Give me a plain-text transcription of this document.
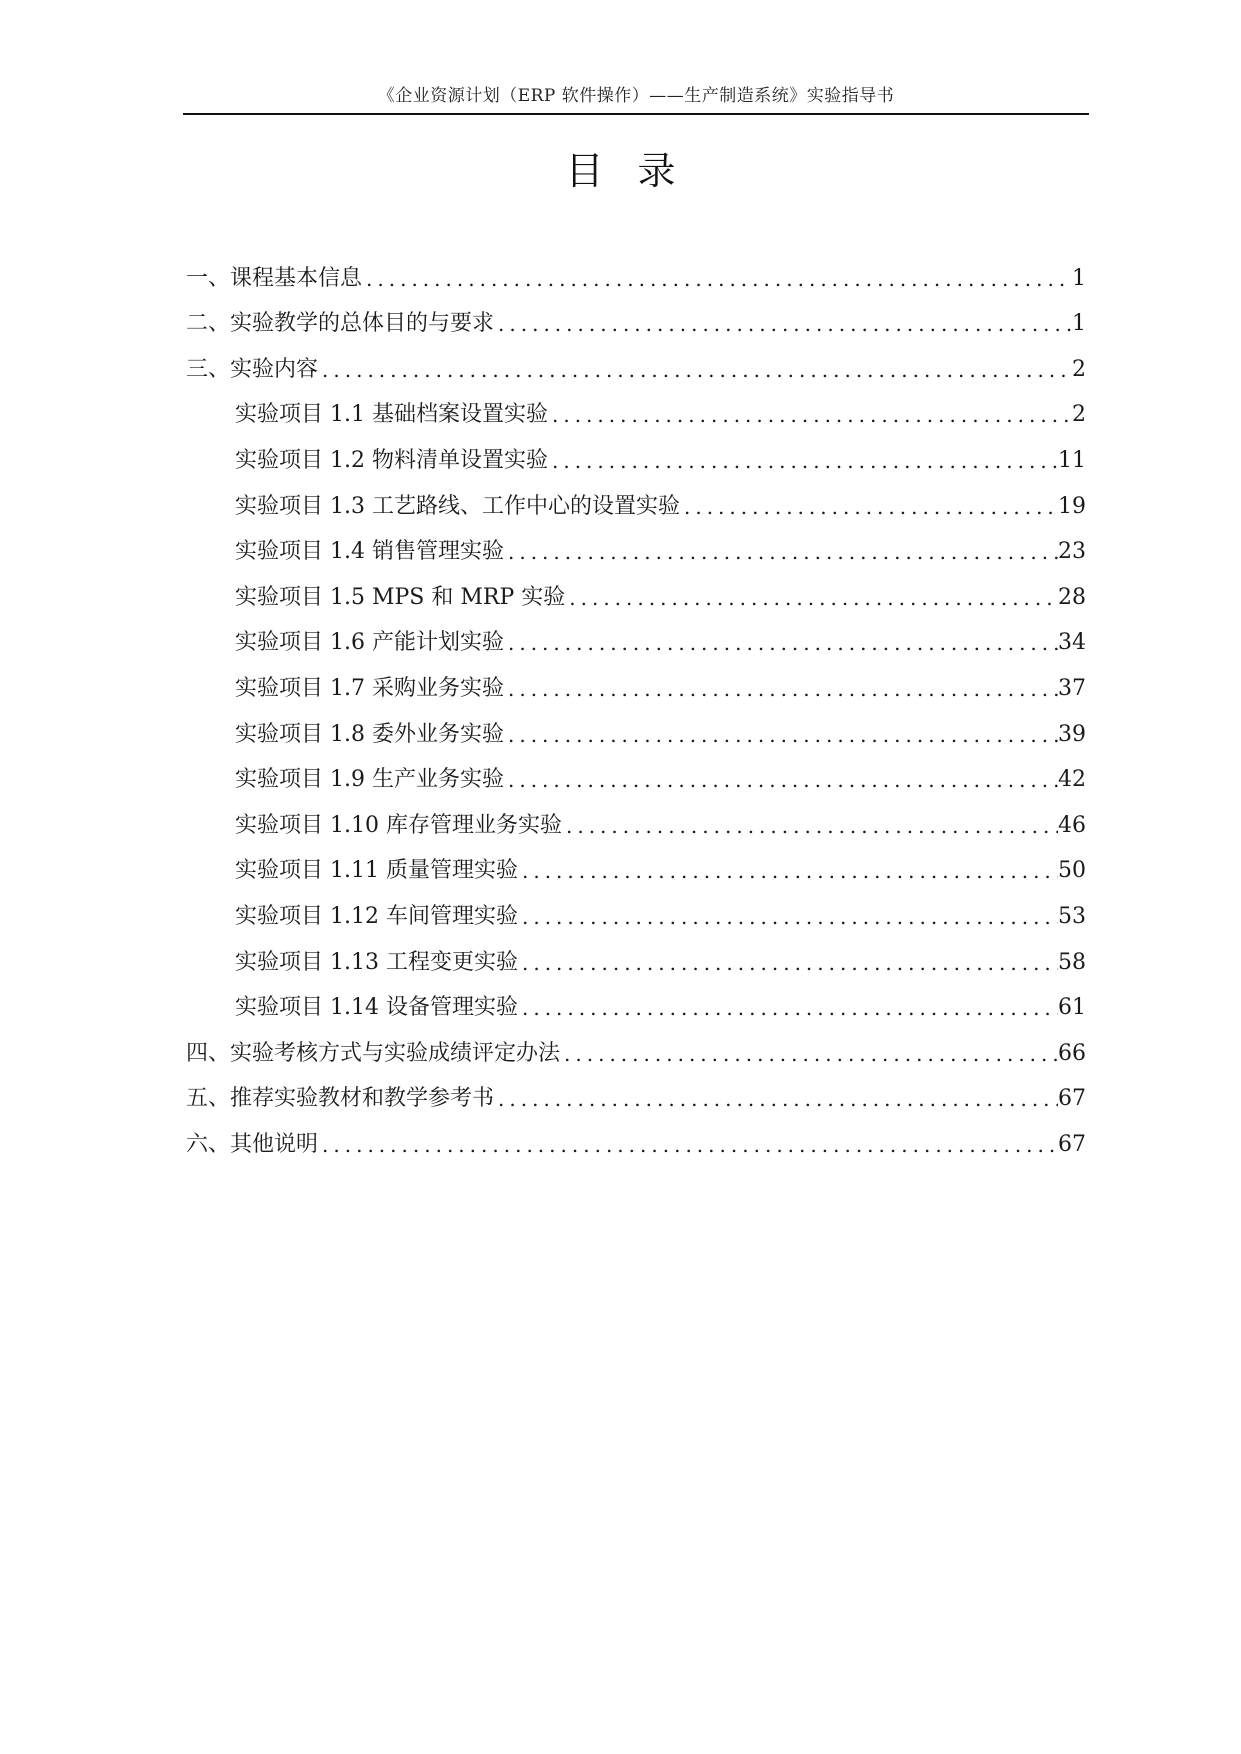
《企业资源计划（ERP 软件操作）——生产制造系统》实验指导书
目录
一、课程基本信息 .....	1
二、实验教学的总体目的与要求 .....	1
三、实验内容 .....	2
实验项目 1.1 基础档案设置实验 .....	2
实验项目 1.2 物料清单设置实验 .....	11
实验项目 1.3 工艺路线、工作中心的设置实验 .....	19
实验项目 1.4 销售管理实验 .....	23
实验项目 1.5 MPS 和 MRP 实验 .....	28
实验项目 1.6 产能计划实验 .....	34
实验项目 1.7 采购业务实验 .....	37
实验项目 1.8 委外业务实验 .....	39
实验项目 1.9 生产业务实验 .....	42
实验项目 1.10 库存管理业务实验 .....	46
实验项目 1.11 质量管理实验 .....	50
实验项目 1.12 车间管理实验 .....	53
实验项目 1.13 工程变更实验 .....	58
实验项目 1.14 设备管理实验 .....	61
四、实验考核方式与实验成绩评定办法 .....	66
五、推荐实验教材和教学参考书 .....	67
六、其他说明 .....	67
